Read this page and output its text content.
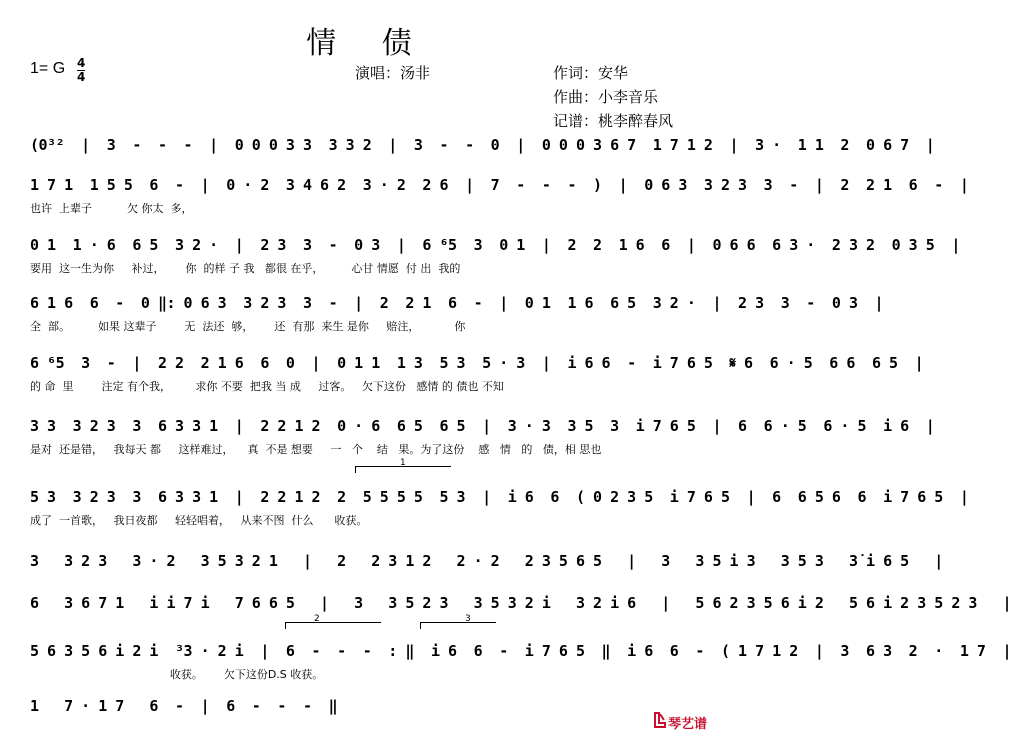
情 债
1= G 4
4	演唱：汤非	作词：安华
作曲：小李音乐
记谱：桃李醉春风
(0³²  |  3  -  -  -  |  0 0 0 3 3  3 3 2  |  3  -  -  0  |  0 0 0 3 6 7  1 7 1 2  |  3 ·  1 1  2  0 6 7  |
1 7 1  1 5 5  6  -  |  0 · 2  3 4 6 2  3 · 2  2 6  |  7  -  -  -  )  |  0 6 3  3 2 3  3  -  |  2  2 1  6  -  |
也许  上辈子          欠 你太  多，
0 1  1 · 6  6 5  3 2 ·  |  2 3  3  -  0 3  |  6 ⁶5  3  0 1  |  2  2  1 6  6  |  0 6 6  6 3 ·  2 3 2  0 3 5  |
要用  这一生为你     补过，      你  的样 子 我   都很 在乎，        心甘 情愿  付 出  我的
6 1 6  6  -  0 ‖: 0 6 3  3 2 3  3  -  |  2  2 1  6  -  |  0 1  1 6  6 5  3 2 ·  |  2 3  3  -  0 3  |
全  部。        如果 这辈子        无  法还  够，      还  有那  来生 是你     赔注，          你
6 ⁶5  3  -  |  2 2  2 1 6  6  0  |  0 1 1  1 3  5 3  5 · 3  |  i 6 6  -  i 7 6 5  𝄋 6  6 · 5  6 6  6 5  |
的 命  里        注定 有个我，       求你 不要  把我 当 成     过客。   欠下这份   感情 的 债也 不知
3 3  3 2 3  3  6 3 3 1  |  2 2 1 2  0 · 6  6 5  6 5  |  3 · 3  3 5  3  i 7 6 5  |  6  6 · 5  6 · 5  i 6  |
是对  还是错，   我每天 都     这样难过，    真  不是 想要     一   个    结   果。为了这份    感   情   的   债，相 思也
5 3  3 2 3  3  6 3 3 1  |  2 2 1 2  2  5 5 5 5  5 3  |  i 6  6  ( 0 2 3 5  i 7 6 5  |  6  6 5 6  6  i 7 6 5  |
成了  一首歌，   我日夜都     轻轻唱着，   从来不图  什么      收获。
3   3 2 3   3 · 2   3 5 3 2 1   |   2   2 3 1 2   2 · 2   2 3 5 6 5   |   3   3 5 i 3   3 5 3   3̇ i 6 5   |
6   3 6 7 1   i i 7 i   7 6 6 5   |   3   3 5 2 3   3 5 3 2 i   3 2 i 6   |   5 6 2 3 5 6 i 2   5 6 i 2 3 5 2 3   |
5 6 3 5 6 i 2 i  ³3 · 2 i  |  6  -  -  -  : ‖  i 6  6  -  i 7 6 5  ‖  i 6  6  -  ( 1 7 1 2  |  3  6 3  2  ·  1 7  |
收获。      欠下这份D.S 收获。
1   7 · 1 7   6  -  |  6  -  -  -  ‖
1
2	3
琴艺谱
